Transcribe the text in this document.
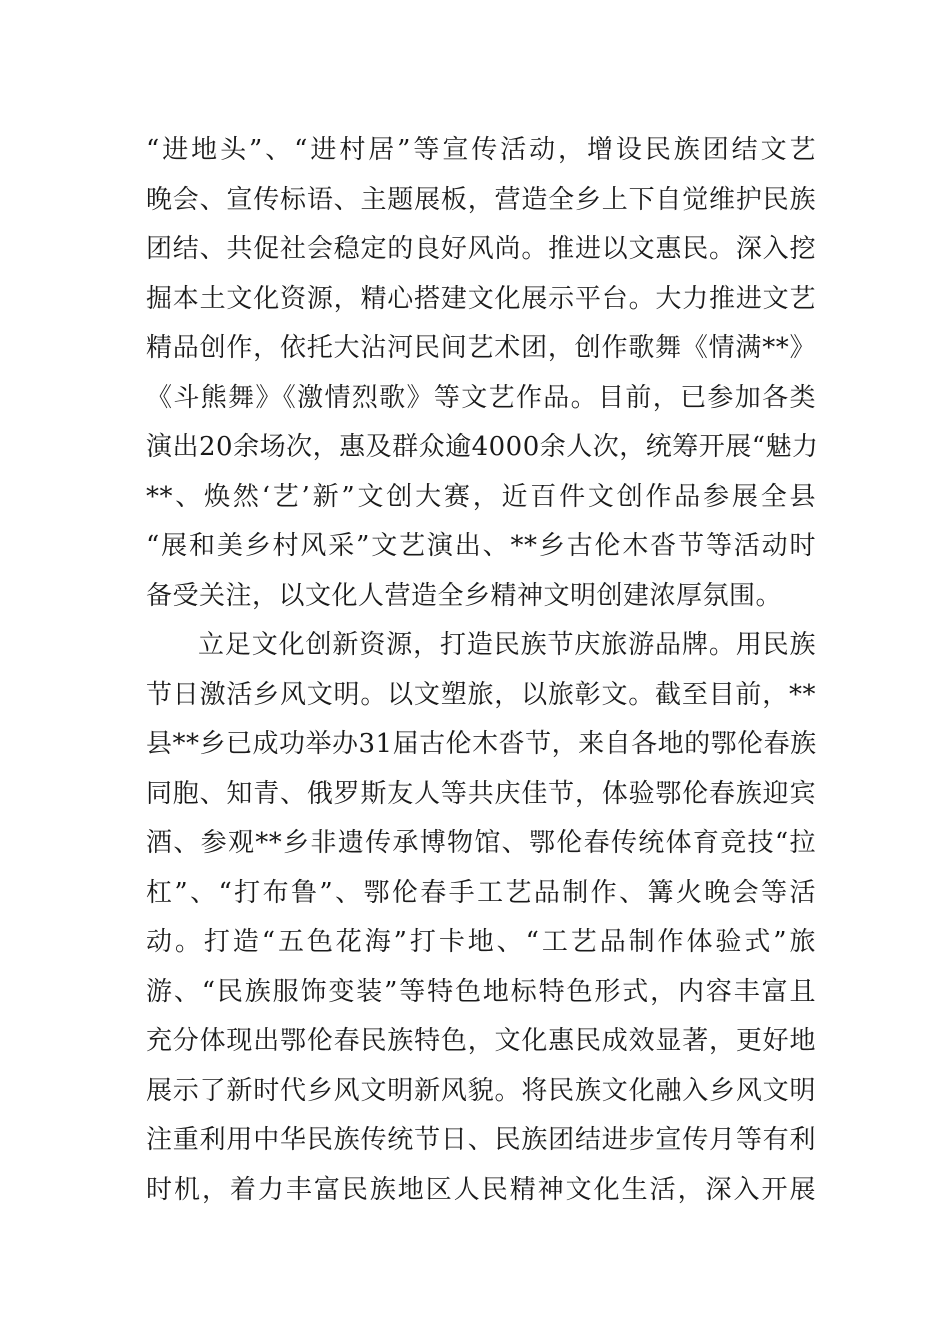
“进地头”、“进村居”等宣传活动，增设民族团结文艺
晚会、宣传标语、主题展板，营造全乡上下自觉维护民族
团结、共促社会稳定的良好风尚。推进以文惠民。深入挖
掘本土文化资源，精心搭建文化展示平台。大力推进文艺
精品创作，依托大沾河民间艺术团，创作歌舞《情满**》
《斗熊舞》《激情烈歌》等文艺作品。目前，已参加各类
演出20余场次，惠及群众逾4000余人次，统筹开展“魅力
**、焕然‘艺’新”文创大赛，近百件文创作品参展全县
“展和美乡村风采”文艺演出、**乡古伦木沓节等活动时
备受关注，以文化人营造全乡精神文明创建浓厚氛围。
立足文化创新资源，打造民族节庆旅游品牌。用民族
节日激活乡风文明。以文塑旅，以旅彰文。截至目前，**
县**乡已成功举办31届古伦木沓节，来自各地的鄂伦春族
同胞、知青、俄罗斯友人等共庆佳节，体验鄂伦春族迎宾
酒、参观**乡非遗传承博物馆、鄂伦春传统体育竞技“拉
杠”、“打布鲁”、鄂伦春手工艺品制作、篝火晚会等活
动。打造“五色花海”打卡地、“工艺品制作体验式”旅
游、“民族服饰变装”等特色地标特色形式，内容丰富且
充分体现出鄂伦春民族特色，文化惠民成效显著，更好地
展示了新时代乡风文明新风貌。将民族文化融入乡风文明
注重利用中华民族传统节日、民族团结进步宣传月等有利
时机，着力丰富民族地区人民精神文化生活，深入开展
